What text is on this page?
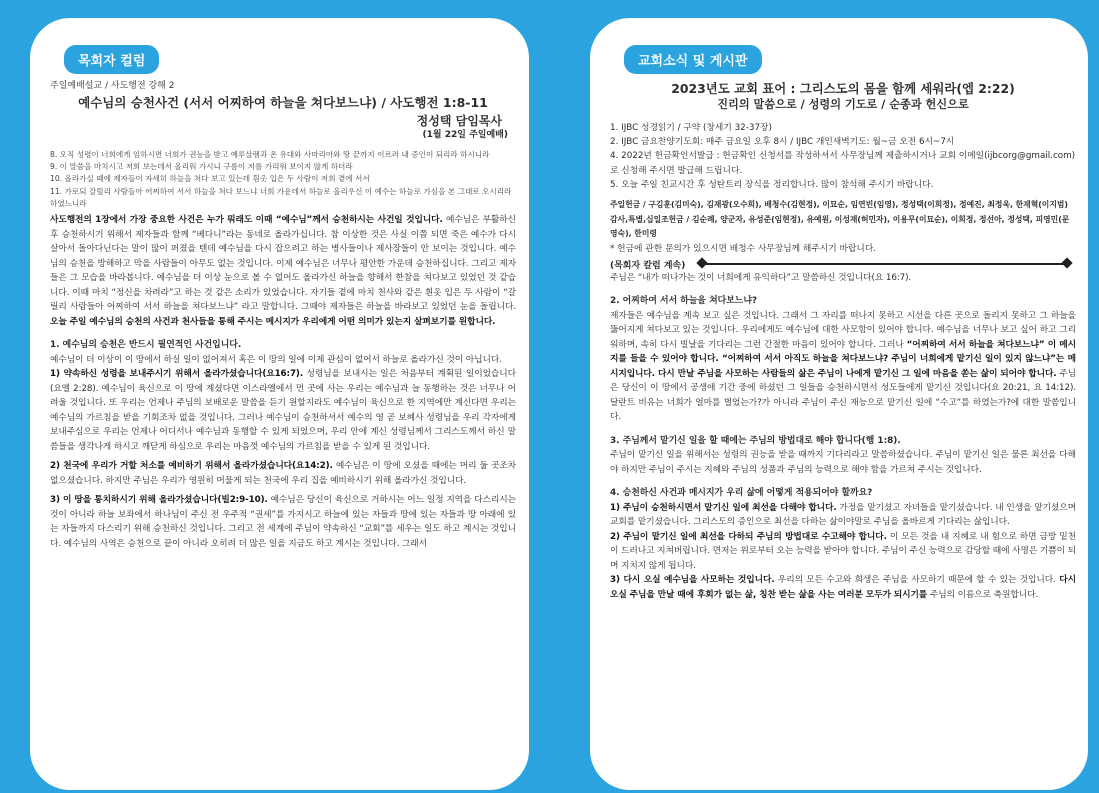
목회자 컬럼
주일예배설교 / 사도행전 강해 2
예수님의 승천사건 (서서 어찌하여 하늘을 쳐다보느냐) / 사도행전 1:8-11
정성택 담임목사
(1월 22일 주일예배)
8. 오직 성령이 너희에게 임하시면 너희가 권능을 받고 예루살렘과 온 유대와 사마리아와 땅 끝까지 이르러 내 증인이 되리라 하시니라
9. 이 말씀을 마치시고 저희 보는데서 올리워 가시니 구름이 저를 가리워 보이지 않게 하더라
10. 올라가실 때에 제자들이 자세히 하늘을 쳐다 보고 있는데 흰옷 입은 두 사람이 저희 곁에 서서
11. 가로되 갈릴리 사람들아 어찌하여 서서 하늘을 쳐다 보느냐 너희 가운데서 하늘로 올리우신 이 예수는 하늘로 가심을 본 그대로 오시리라 하였느니라

사도행전의 1장에서 가장 중요한 사건은 누가 뭐래도 이때 “예수님”께서 승천하시는 사건일 것입니다. 예수님은 부활하신 후 승천하시기 위해서 제자들과 함께 “베다니”라는 동네로 올라가십니다. 참 이상한 것은 사실 이쯤 되면 죽은 예수가 다시 살아서 돌아다닌다는 말이 많이 퍼졌을 텐데 예수님을 다시 잡으려고 하는 병사들이나 제사장들이 안 보이는 것입니다. 예수님의 승천을 방해하고 막을 사람들이 아무도 없는 것입니다. 이제 예수님은 너무나 평안한 가운데 승천하십니다. 그리고 제자들은 그 모습을 바라봅니다. 예수님을 더 이상 눈으로 볼 수 없어도 올라가신 하늘을 향해서 한참을 쳐다보고 있었던 것 같습니다. 이때 마치 “정신을 차려라”고 하는 것 같은 소리가 있었습니다. 자기들 곁에 마치 천사와 같은 흰옷 입은 두 사람이 “갈릴리 사람들아 어찌하여 서서 하늘을 쳐다보느냐” 라고 말합니다. 그때야 제자들은 하늘을 바라보고 있었던 눈을 돌립니다. 오늘 주일 예수님의 승천의 사건과 천사들을 통해 주시는 메시지가 우리에게 어떤 의미가 있는지 살펴보기를 원합니다.

1. 예수님의 승천은 반드시 필연적인 사건입니다.

예수님이 더 이상이 이 땅에서 하실 일이 없어져서 혹은 이 땅의 일에 이제 관심이 없어서 하늘로 올라가신 것이 아닙니다.

1) 약속하신 성령을 보내주시기 위해서 올라가셨습니다(요16:7). 성령님을 보내시는 일은 처음부터 계획된 일이었습니다(요엘 2:28). 예수님이 육신으로 이 땅에 계셨다면 이스라엘에서 먼 곳에 사는 우리는 예수님과 늘 동행하는 것은 너무나 어려울 것입니다. 또 우리는 언제나 주님의 보배로운 말씀을 듣기 원할지라도 예수님이 육신으로 한 지역에만 계신다면 우리는 예수님의 가르침을 받을 기회조차 없을 것입니다. 그러나 예수님이 승천하셔서 예수의 영 곧 보혜사 성령님을 우리 각자에게 보내주심으로 우리는 언제나 어디서나 예수님과 동행할 수 있게 되었으며, 우리 안에 계신 성령님께서 그리스도께서 하신 말씀들을 생각나게 하시고 깨닫게 하심으로 우리는 마음껏 예수님의 가르침을 받을 수 있게 된 것입니다.

2) 천국에 우리가 거할 처소를 예비하기 위해서 올라가셨습니다(요14:2). 예수님은 이 땅에 오셨을 때에는 머리 둘 곳조차 없으셨습니다. 하지만 주님은 우리가 영원히 머물게 되는 천국에 우리 집을 예비하시기 위해 올라가신 것입니다.

3) 이 땅을 통치하시기 위해 올라가셨습니다(빌2:9-10). 예수님은 당신이 육신으로 거하시는 어느 일정 지역을 다스리시는 것이 아니라 하늘 보좌에서 하나님이 주신 전 우주적 “권세”를 가지시고 하늘에 있는 자들과 땅에 있는 자들과 땅 아래에 있는 자들까지 다스리기 위해 승천하신 것입니다. 그리고 전 세계에 주님이 약속하신 “교회”를 세우는 일도 하고 계시는 것입니다. 예수님의 사역은 승천으로 끝이 아니라 오히려 더 많은 일을 지금도 하고 계시는 것입니다. 그래서

교회소식 및 게시판
2023년도 교회 표어 : 그리스도의 몸을 함께 세워라(엡 2:22)
진리의 말씀으로 / 성령의 기도로 / 순종과 헌신으로

1. IJBC 성경읽기 / 구약 (창세기 32-37장)

2. IJBC 금요찬양기도회: 매주 금요일 오후 8시 / IJBC 개인새벽기도: 월~금 오전 6시~7시

4. 2022년 헌금확인서발급 : 헌금확인 신청서를 작성하셔서 사무장님께 제출하시거나 교회 이메일(ijbcorg@gmail.com)로 신청해 주시면 발급해 드립니다.

5. 오늘 주일 친교시간 후 성탄트리 장식을 정리합니다. 많이 참석해 주시기 바랍니다.

주일헌금 / 구김훈(김미숙), 김재광(오수희), 배청수(김현정), 이묘순, 임연빈(임영), 정성택(이희정), 정예진, 최정욱, 한재혁(이지범)

감사,특별,십일조헌금 / 김순례, 양군자, 유성준(임현정), 유예원, 이성재(허민자), 이용무(이묘순), 이희정, 정선아, 정성택, 피영민(문영숙), 한미령

* 헌금에 관한 문의가 있으시면 배청수 사무장님께 해주시기 바랍니다.

(목회자 칼럼 계속)

주님은 “내가 떠나가는 것이 너희에게 유익하다”고 말씀하신 것입니다(요 16:7).

2. 어찌하여 서서 하늘을 쳐다보느냐?

제자들은 예수님을 계속 보고 싶은 것입니다. 그래서 그 자리를 떠나지 못하고 시선을 다른 곳으로 돌리지 못하고 그 하늘을 뚫어지게 쳐다보고 있는 것입니다. 우리에게도 예수님에 대한 사모함이 있어야 합니다. 예수님을 너무나 보고 싶어 하고 그리워하며, 속히 다시 빌날을 기다리는 그런 간절한 마음이 있어야 합니다. 그러나 “어찌하여 서서 하늘을 쳐다보느냐” 이 메시지를 들을 수 있어야 합니다. “어찌하여 서서 아직도 하늘을 쳐다보느냐? 주님이 너희에게 맡기신 일이 있지 않느냐”는 메시지입니다. 다시 만날 주님을 사모하는 사람들의 삶은 주님이 나에게 맡기신 그 일에 마음을 쏟는 삶이 되어야 합니다. 주님은 당신이 이 땅에서 공생애 기간 중에 하셨던 그 일들을 승천하시면서 성도들에게 맡기신 것입니다(요 20:21, 요 14:12). 달란트 비유는 너희가 얼마를 벌었는가?가 아니라 주님이 주신 재능으로 맡기신 일에 “수고”를 하였는가?에 대한 말씀입니다.

3. 주님께서 맡기신 일을 할 때에는 주님의 방법대로 해야 합니다(행 1:8).

주님이 맡기신 일을 위해서는 성령의 권능을 받을 때까지 기다리라고 말씀하셨습니다. 주님이 맡기신 일은 물론 최선을 다해야 하지만 주님이 주시는 지혜와 주님의 성품과 주님의 능력으로 해야 함을 가르쳐 주시는 것입니다.

4. 승천하신 사건과 메시지가 우리 삶에 어떻게 적용되어야 할까요?

1) 주님이 승천하시면서 맡기신 일에 최선을 다해야 합니다. 가정을 맡기셨고 자녀들을 맡기셨습니다. 내 인생을 맡기셨으며 교회를 맡기셨습니다. 그리스도의 증인으로 최선을 다하는 삶이야말로 주님을 올바르게 기다리는 삶입니다.

2) 주님이 맡기신 일에 최선을 다하되 주님의 방법대로 수고해야 합니다. 이 모든 것을 내 지혜로 내 힘으로 하면 금방 밑천이 드러나고 지쳐버립니다. 면저는 위로부터 오는 능력을 받아야 합니다. 주님이 주신 능력으로 감당할 때에 사명은 기쁨이 되며 지치지 않게 됩니다.

3) 다시 오실 예수님을 사모하는 것입니다. 우리의 모든 수고와 희생은 주님을 사모하기 때문에 할 수 있는 것입니다. 다시 오실 주님을 만날 때에 후회가 없는 삶, 칭찬 받는 삶을 사는 여러분 모두가 되시기를 주님의 이름으로 축원합니다.
